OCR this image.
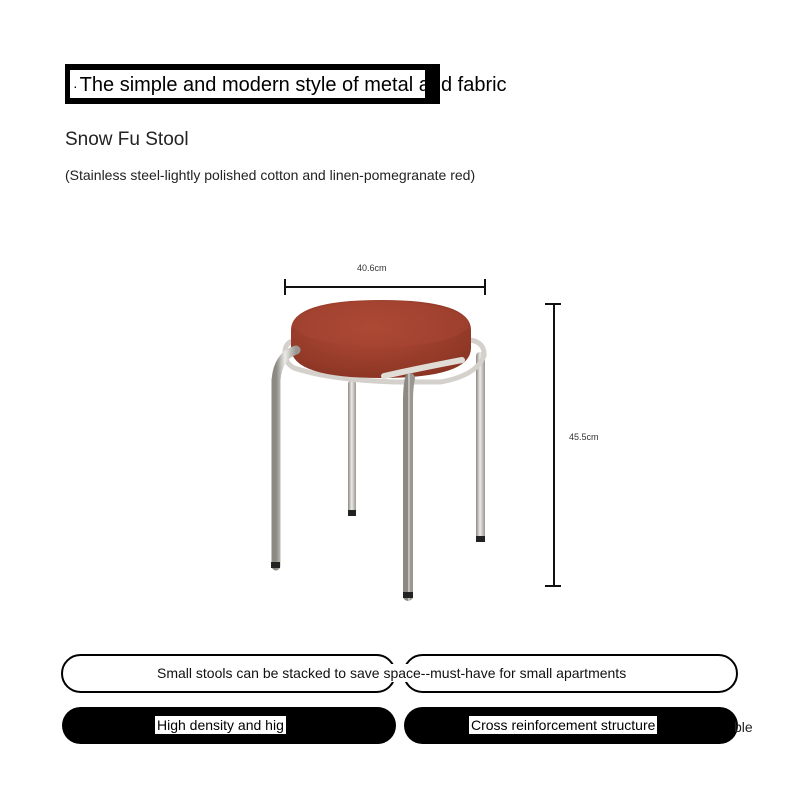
· The simple and modern style of metal and fabric
Snow Fu Stool
(Stainless steel-lightly polished cotton and linen-pomegranate red)
40.6cm
45.5cm
Small stools can be stacked to save space--must-have for small apartments
High density and hig	Cross reinforcement structure	ble
